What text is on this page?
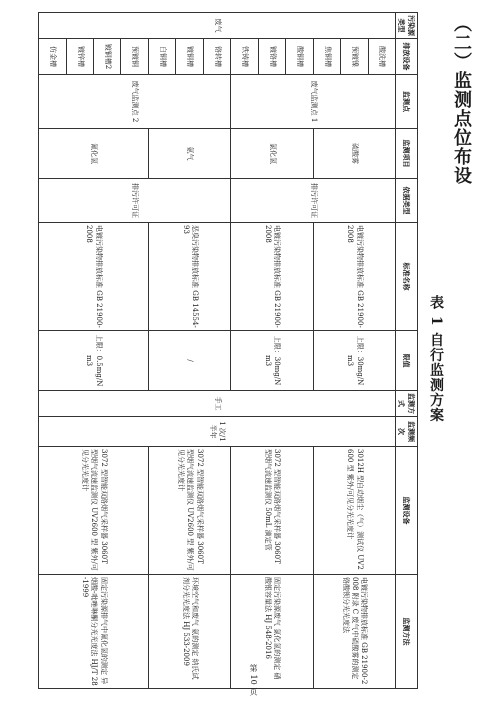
（二）监测点位布设
表 1 自行监测方案
污染源类型	排放设备	监测点	监测项目	依据类型	标准名称	限值	监测方式	监测频次	监测设备	监测方法
废气	酸洗槽	废气监测点 1	硫酸雾	排污许可证	电镀污染物排放标准 GB 21900-2008	上限：30mg/Nm3	手工	1 次/1 半年	3012H 型自动烟尘（气）测试仪 UV2600 型 紫外/可见分光光度计	电镀污染物排放标准 GB 21900-2008 附录 C 废气中硫酸雾的测定 铬酸钡分光光度法
	预镀镍									
	焦铜槽									
	酸铜槽		氯化氢		电镀污染物排放标准 GB 21900-2008	上限：30mg/Nm3			3072 型智能双路烟气采样器 3060T 型烟气流速监测仪 50mL 滴定管	固定污染源废气 氯化氢的测定 硝酸银容量法 HJ 548-2016
	镀铬槽									
	铁铸槽									
	铬转槽	废气监测点 2	氨气	排污许可证	恶臭污染物排放标准 GB 14554-93	/			3072 型智能双路烟气采样器 3060T 型烟气流速监测仪 UV2600 型 紫外/可见分光光度计	环境空气和废气 氨的测定 纳氏试剂分光光度法 HJ 533-2009
	镀铜槽									
	白铜槽									
	预镀铜		氰化氢		电镀污染物排放标准 GB 21900-2008	上限：0.5mg/Nm3			3072 型智能双路烟气采样器 3060T 型烟气流速监测仪 UV2600 型 紫外/可见分光光度计	固定污染源排气中氰化氢的测定 异烟酸-吡唑啉酮分光光度法 HJ/T 28-1999
	镀铜槽2									
	镀锌槽									
	仿金槽									
第 10 页
